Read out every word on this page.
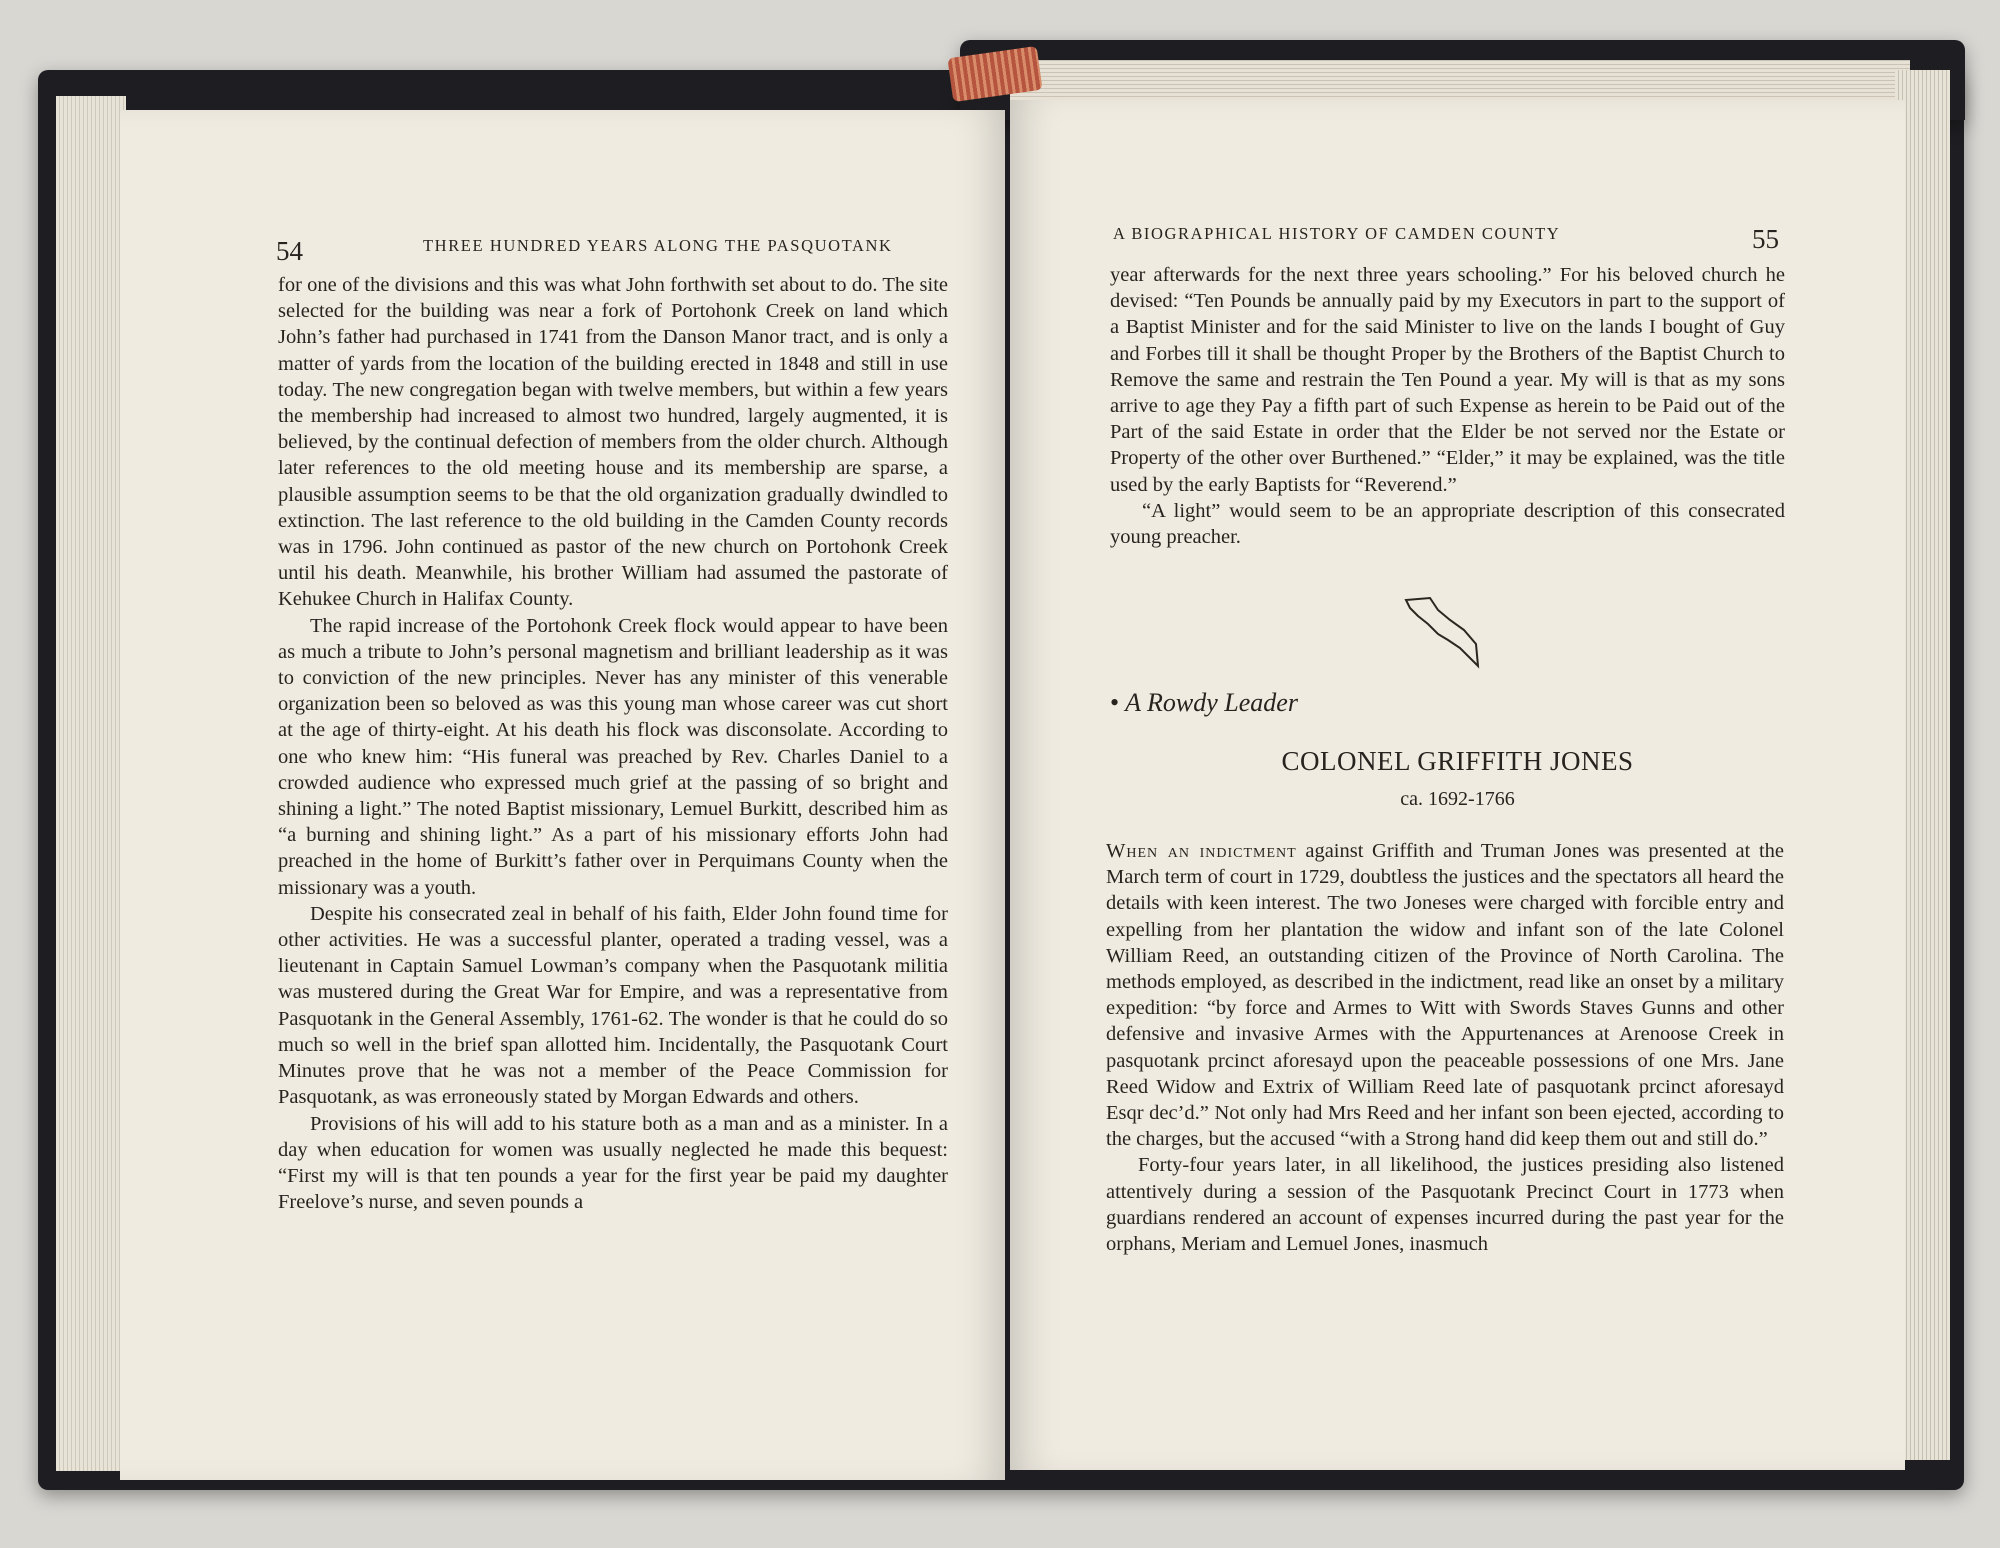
54	THREE HUNDRED YEARS ALONG THE PASQUOTANK

for one of the divisions and this was what John forthwith set about to do. The site selected for the building was near a fork of Portohonk Creek on land which John’s father had purchased in 1741 from the Danson Manor tract, and is only a matter of yards from the location of the building erected in 1848 and still in use today. The new congregation began with twelve members, but within a few years the membership had increased to almost two hundred, largely augmented, it is believed, by the continual defection of members from the older church. Although later references to the old meeting house and its membership are sparse, a plausible assumption seems to be that the old organization gradually dwindled to extinction. The last reference to the old building in the Camden County records was in 1796. John continued as pastor of the new church on Portohonk Creek until his death. Meanwhile, his brother William had assumed the pastorate of Kehukee Church in Halifax County.

The rapid increase of the Portohonk Creek flock would appear to have been as much a tribute to John’s personal magnetism and brilliant leadership as it was to conviction of the new principles. Never has any minister of this venerable organization been so beloved as was this young man whose career was cut short at the age of thirty-eight. At his death his flock was disconsolate. According to one who knew him: “His funeral was preached by Rev. Charles Daniel to a crowded audience who expressed much grief at the passing of so bright and shining a light.” The noted Baptist missionary, Lemuel Burkitt, described him as “a burning and shining light.” As a part of his missionary efforts John had preached in the home of Burkitt’s father over in Perquimans County when the missionary was a youth.

Despite his consecrated zeal in behalf of his faith, Elder John found time for other activities. He was a successful planter, operated a trading vessel, was a lieutenant in Captain Samuel Lowman’s company when the Pasquotank militia was mustered during the Great War for Empire, and was a representative from Pasquotank in the General Assembly, 1761-62. The wonder is that he could do so much so well in the brief span allotted him. Incidentally, the Pasquotank Court Minutes prove that he was not a member of the Peace Commission for Pasquotank, as was erroneously stated by Morgan Edwards and others.

Provisions of his will add to his stature both as a man and as a minister. In a day when education for women was usually neglected he made this bequest: “First my will is that ten pounds a year for the first year be paid my daughter Freelove’s nurse, and seven pounds a

A BIOGRAPHICAL HISTORY OF CAMDEN COUNTY	55

year afterwards for the next three years schooling.” For his beloved church he devised: “Ten Pounds be annually paid by my Executors in part to the support of a Baptist Minister and for the said Minister to live on the lands I bought of Guy and Forbes till it shall be thought Proper by the Brothers of the Baptist Church to Remove the same and restrain the Ten Pound a year. My will is that as my sons arrive to age they Pay a fifth part of such Expense as herein to be Paid out of the Part of the said Estate in order that the Elder be not served nor the Estate or Property of the other over Burthened.” “Elder,” it may be explained, was the title used by the early Baptists for “Reverend.”

“A light” would seem to be an appropriate description of this consecrated young preacher.

• A Rowdy Leader
COLONEL GRIFFITH JONES
ca. 1692-1766

When an indictment against Griffith and Truman Jones was presented at the March term of court in 1729, doubtless the justices and the spectators all heard the details with keen interest. The two Joneses were charged with forcible entry and expelling from her plantation the widow and infant son of the late Colonel William Reed, an outstanding citizen of the Province of North Carolina. The methods employed, as described in the indictment, read like an onset by a military expedition: “by force and Armes to Witt with Swords Staves Gunns and other defensive and invasive Armes with the Appurtenances at Arenoose Creek in pasquotank prcinct aforesayd upon the peaceable possessions of one Mrs. Jane Reed Widow and Extrix of William Reed late of pasquotank prcinct aforesayd Esqr dec’d.” Not only had Mrs Reed and her infant son been ejected, according to the charges, but the accused “with a Strong hand did keep them out and still do.”

Forty-four years later, in all likelihood, the justices presiding also listened attentively during a session of the Pasquotank Precinct Court in 1773 when guardians rendered an account of expenses incurred during the past year for the orphans, Meriam and Lemuel Jones, inasmuch
